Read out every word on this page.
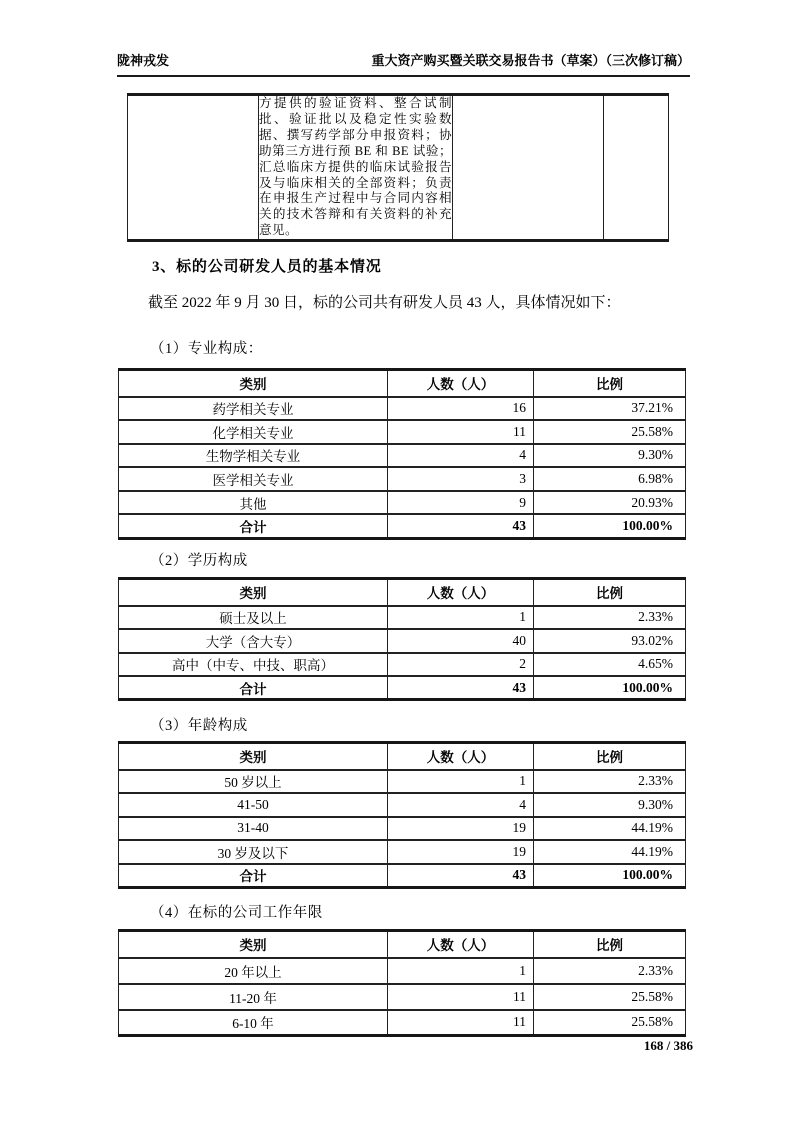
陇神戎发	重大资产购买暨关联交易报告书（草案）（三次修订稿）
	方提供的验证资料、整合试制批、验证批以及稳定性实验数据、撰写药学部分申报资料；协助第三方进行预 BE 和 BE 试验；汇总临床方提供的临床试验报告及与临床相关的全部资料；负责在申报生产过程中与合同内容相关的技术答辩和有关资料的补充意见。		
3、标的公司研发人员的基本情况
截至 2022 年 9 月 30 日，标的公司共有研发人员 43 人，具体情况如下：
（1）专业构成：
类别	人数（人）	比例
药学相关专业	16	37.21%
化学相关专业	11	25.58%
生物学相关专业	4	9.30%
医学相关专业	3	6.98%
其他	9	20.93%
合计	43	100.00%
（2）学历构成
类别	人数（人）	比例
硕士及以上	1	2.33%
大学（含大专）	40	93.02%
高中（中专、中技、职高）	2	4.65%
合计	43	100.00%
（3）年龄构成
类别	人数（人）	比例
50 岁以上	1	2.33%
41-50	4	9.30%
31-40	19	44.19%
30 岁及以下	19	44.19%
合计	43	100.00%
（4）在标的公司工作年限
类别	人数（人）	比例
20 年以上	1	2.33%
11-20 年	11	25.58%
6-10 年	11	25.58%
168 / 386
